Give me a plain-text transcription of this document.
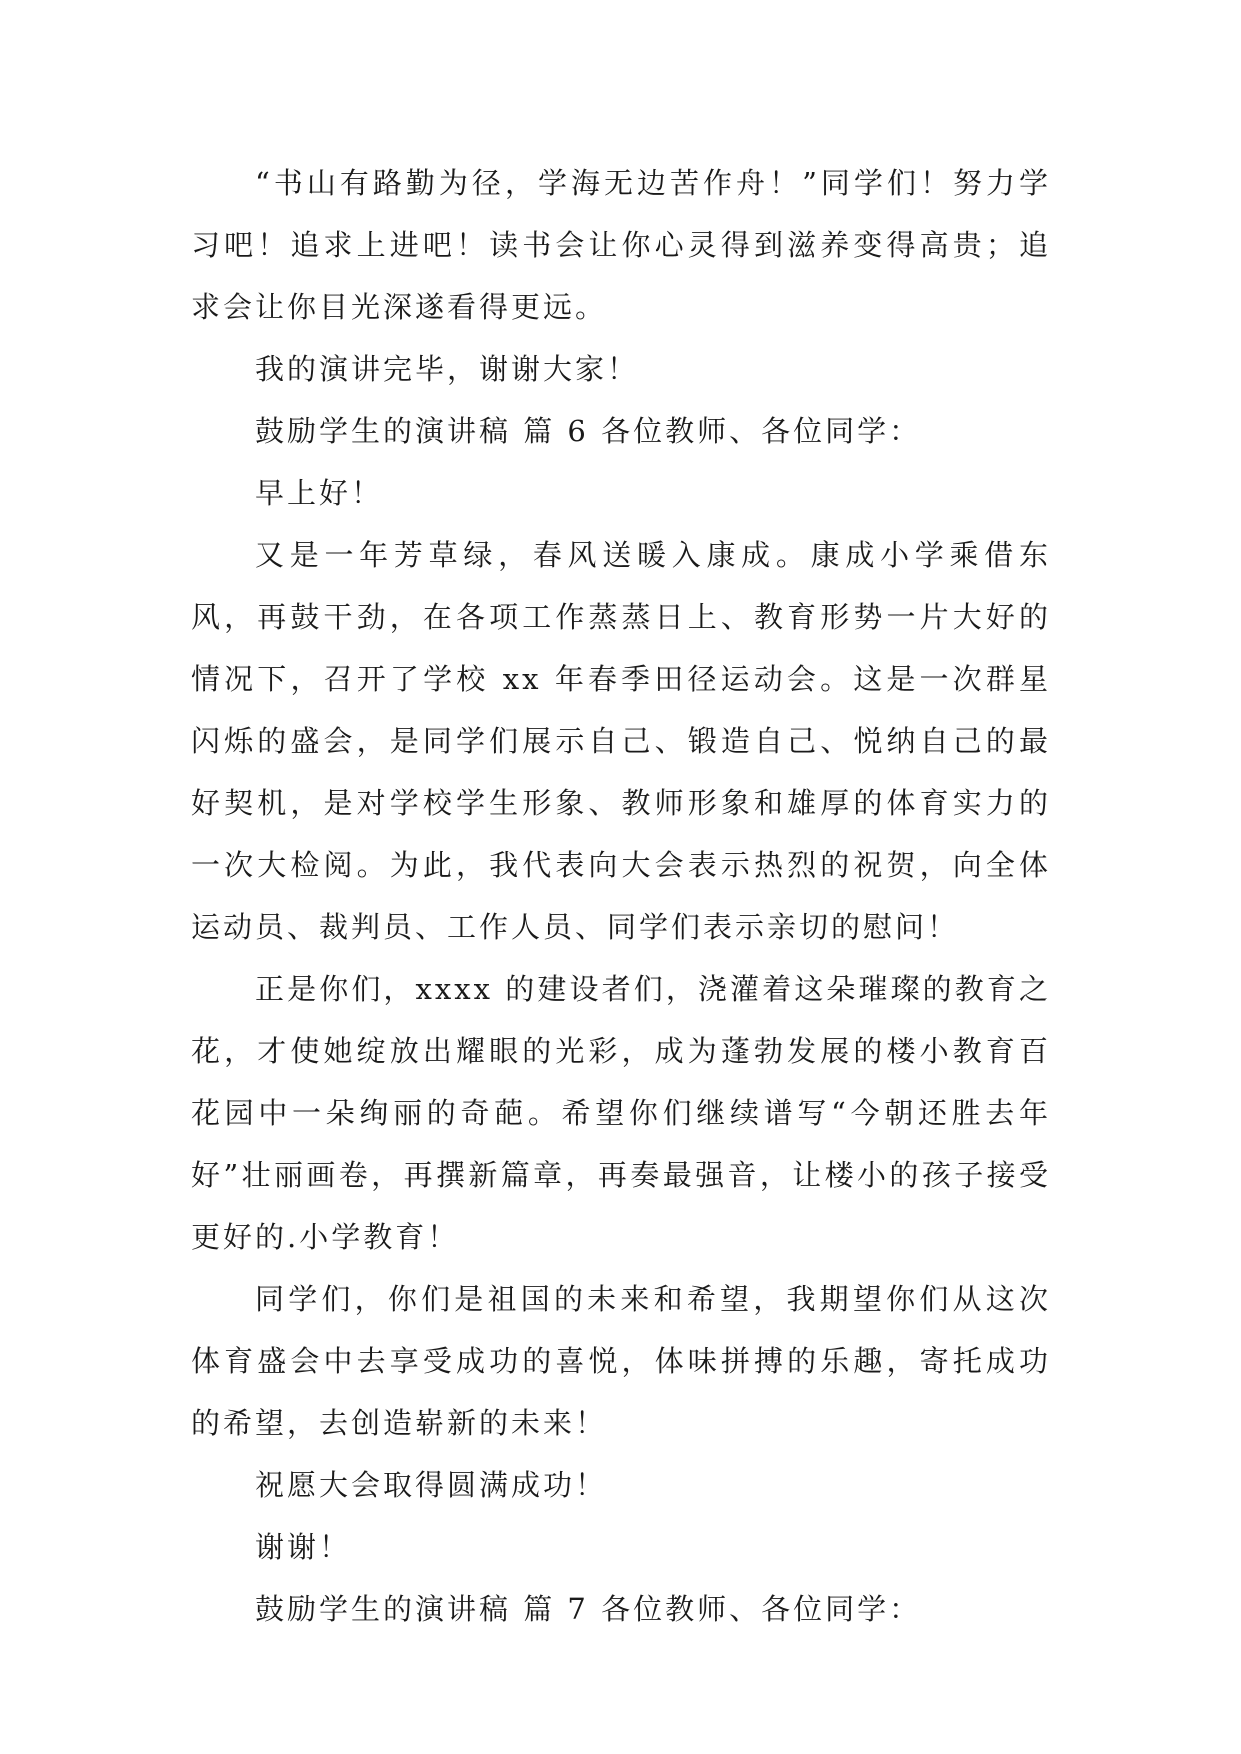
“书山有路勤为径，学海无边苦作舟！”同学们！努力学习吧！追求上进吧！读书会让你心灵得到滋养变得高贵；追求会让你目光深遂看得更远。

我的演讲完毕，谢谢大家！

鼓励学生的演讲稿 篇 6 各位教师、各位同学：

早上好！

又是一年芳草绿，春风送暖入康成。康成小学乘借东风，再鼓干劲，在各项工作蒸蒸日上、教育形势一片大好的情况下，召开了学校 xx 年春季田径运动会。这是一次群星闪烁的盛会，是同学们展示自己、锻造自己、悦纳自己的最好契机，是对学校学生形象、教师形象和雄厚的体育实力的一次大检阅。为此，我代表向大会表示热烈的祝贺，向全体运动员、裁判员、工作人员、同学们表示亲切的慰问！

正是你们，xxxx 的建设者们，浇灌着这朵璀璨的教育之花，才使她绽放出耀眼的光彩，成为蓬勃发展的楼小教育百花园中一朵绚丽的奇葩。希望你们继续谱写“今朝还胜去年好”壮丽画卷，再撰新篇章，再奏最强音，让楼小的孩子接受更好的.小学教育！

同学们，你们是祖国的未来和希望，我期望你们从这次体育盛会中去享受成功的喜悦，体味拼搏的乐趣，寄托成功的希望，去创造崭新的未来！

祝愿大会取得圆满成功！

谢谢！

鼓励学生的演讲稿 篇 7 各位教师、各位同学：
